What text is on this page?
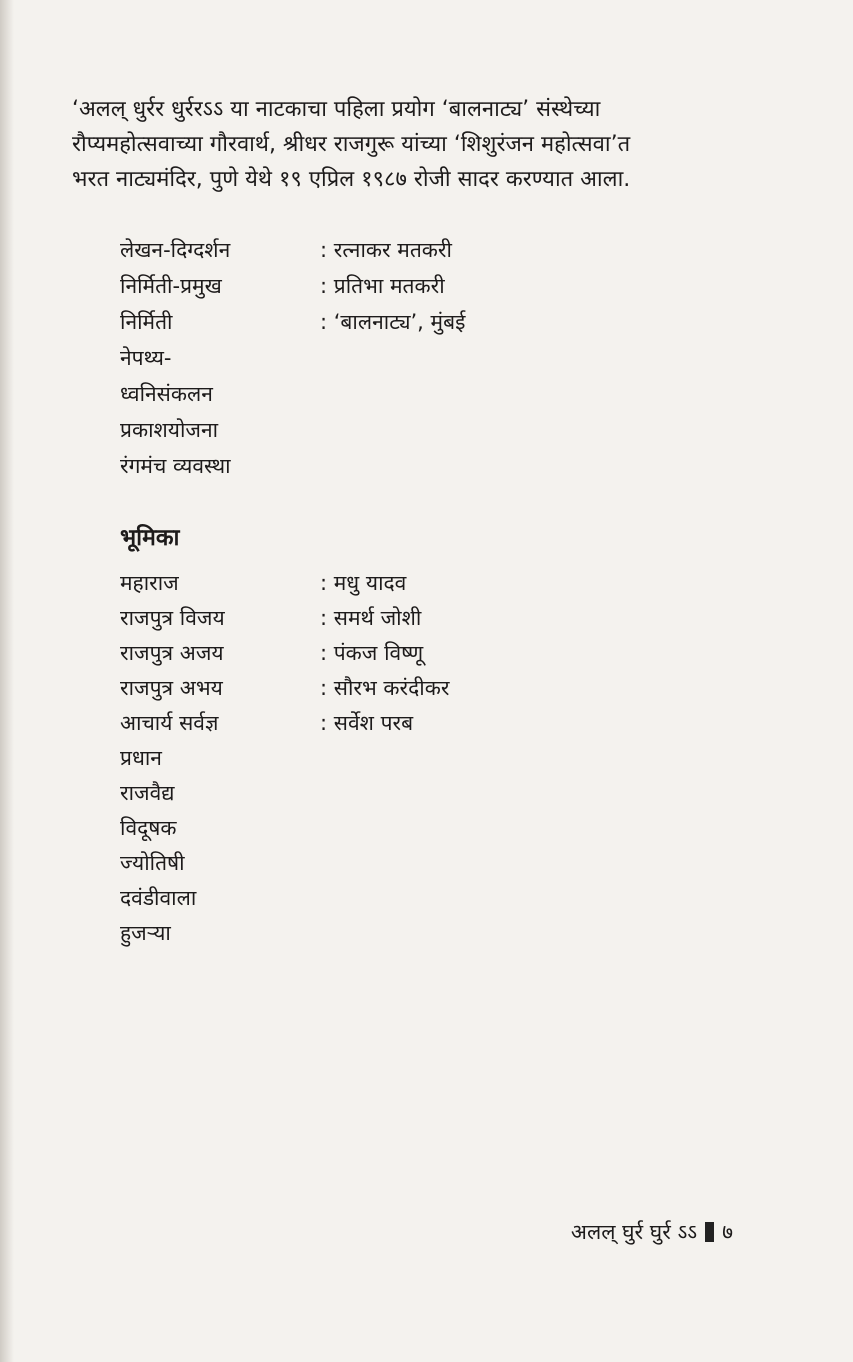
‘अलल् धुर्रर धुर्ररऽऽ या नाटकाचा पहिला प्रयोग ‘बालनाट्य’ संस्थेच्या
रौप्यमहोत्सवाच्या गौरवार्थ, श्रीधर राजगुरू यांच्या ‘शिशुरंजन महोत्सवा’त
भरत नाट्यमंदिर, पुणे येथे १९ एप्रिल १९८७ रोजी सादर करण्यात आला.

लेखन-दिग्दर्शन	: रत्नाकर मतकरी
निर्मिती-प्रमुख	: प्रतिभा मतकरी
निर्मिती	: ‘बालनाट्य’, मुंबई
नेपथ्य-
ध्वनिसंकलन
प्रकाशयोजना
रंगमंच व्यवस्था
भूमिका
महाराज	: मधु यादव
राजपुत्र विजय	: समर्थ जोशी
राजपुत्र अजय	: पंकज विष्णू
राजपुत्र अभय	: सौरभ करंदीकर
आचार्य सर्वज्ञ	: सर्वेश परब
प्रधान
राजवैद्य
विदूषक
ज्योतिषी
दवंडीवाला
हुजऱ्या
अलल् घुर्र घुर्र ऽऽ ७
